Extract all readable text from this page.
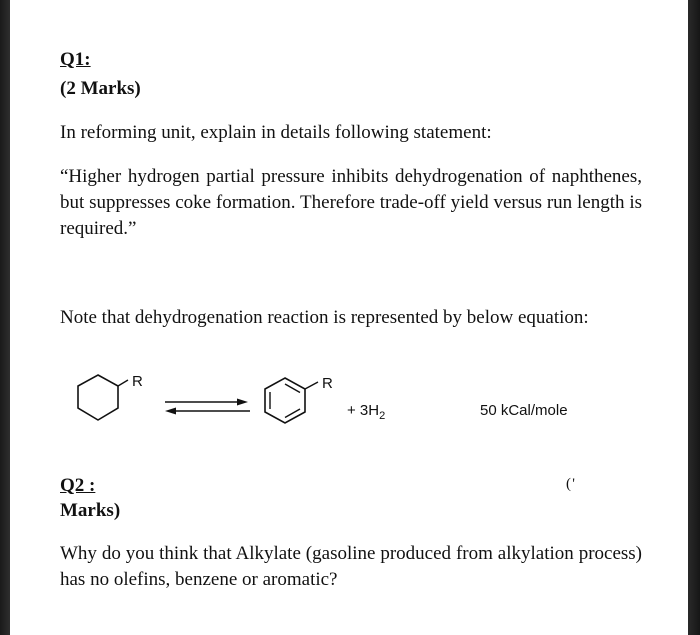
Q1:

(2 Marks)

In reforming unit, explain in details following statement:

“Higher hydrogen partial pressure inhibits dehydrogenation of naphthenes, but suppresses coke formation. Therefore trade-off yield versus run length is required.”

Note that dehydrogenation reaction is represented by below equation:

R	R
+ $3H_2$	50 kCal/mole

Q2 :	( '

Marks)

Why do you think that Alkylate (gasoline produced from alkylation process) has no olefins, benzene or aromatic?
